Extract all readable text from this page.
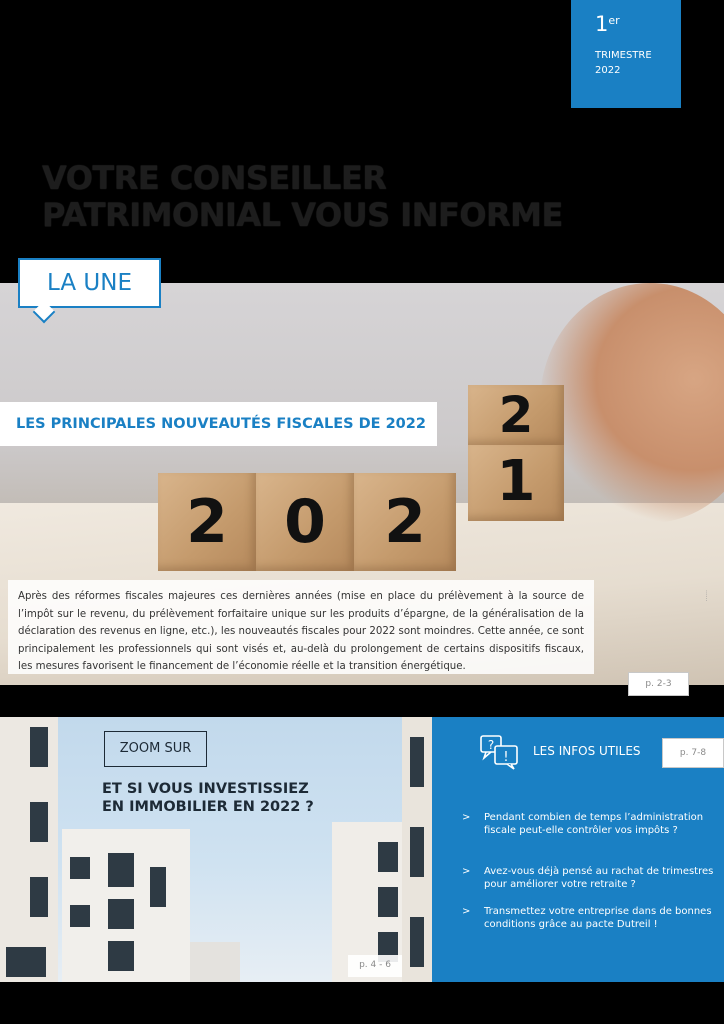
1er
TRIMESTRE
2022
VOTRE CONSEILLER
PATRIMONIAL VOUS INFORME
2 0 2
1
2
LA UNE
LES PRINCIPALES NOUVEAUTÉS FISCALES DE 2022
Après des réformes fiscales majeures ces dernières années (mise en place du prélèvement à la source de l’impôt sur le revenu, du prélèvement forfaitaire unique sur les produits d’épargne, de la généralisation de la déclaration des revenus en ligne, etc.), les nouveautés fiscales pour 2022 sont moindres. Cette année, ce sont principalement les professionnels qui sont visés et, au-delà du prolongement de certains dispositifs fiscaux, les mesures favorisent le financement de l’économie réelle et la transition énergétique.
p. 2-3
······
ZOOM SUR
ET SI VOUS INVESTISSIEZ
EN IMMOBILIER EN 2022 ?
p. 4 - 6
?
! LES INFOS UTILES	p. 7-8
> Pendant combien de temps l’administration fiscale peut-elle contrôler vos impôts ?
> Avez-vous déjà pensé au rachat de trimestres pour améliorer votre retraite ?
> Transmettez votre entreprise dans de bonnes conditions grâce au pacte Dutreil !
